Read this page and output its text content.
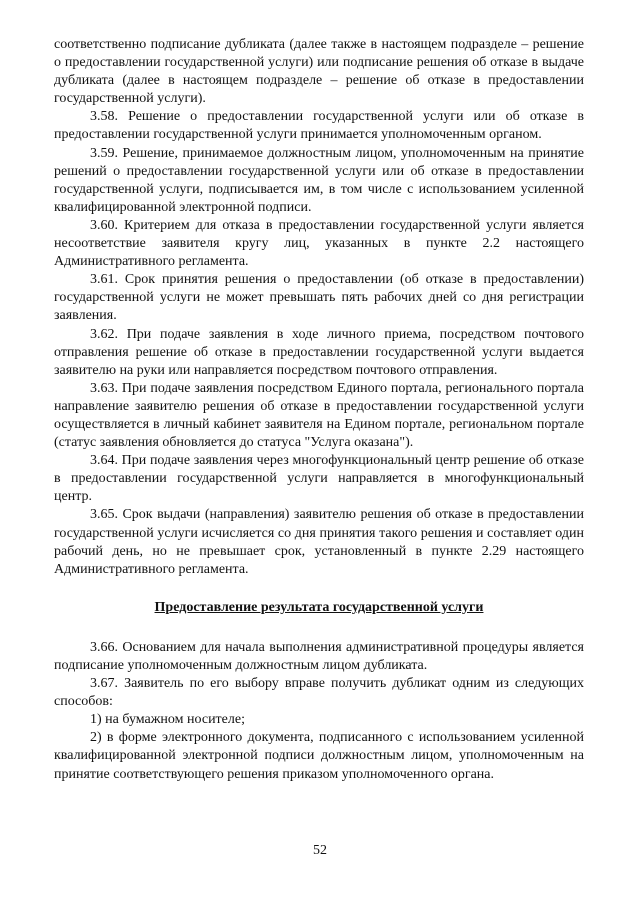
соответственно подписание дубликата (далее также в настоящем подразделе – решение о предоставлении государственной услуги) или подписание решения об отказе в выдаче дубликата (далее в настоящем подразделе – решение об отказе в предоставлении государственной услуги).

3.58. Решение о предоставлении государственной услуги или об отказе в предоставлении государственной услуги принимается уполномоченным органом.

3.59. Решение, принимаемое должностным лицом, уполномоченным на принятие решений о предоставлении государственной услуги или об отказе в предоставлении государственной услуги, подписывается им, в том числе с использованием усиленной квалифицированной электронной подписи.

3.60. Критерием для отказа в предоставлении государственной услуги является несоответствие заявителя кругу лиц, указанных в пункте 2.2 настоящего Административного регламента.

3.61. Срок принятия решения о предоставлении (об отказе в предоставлении) государственной услуги не может превышать пять рабочих дней со дня регистрации заявления.

3.62. При подаче заявления в ходе личного приема, посредством почтового отправления решение об отказе в предоставлении государственной услуги выдается заявителю на руки или направляется посредством почтового отправления.

3.63. При подаче заявления посредством Единого портала, регионального портала направление заявителю решения об отказе в предоставлении государственной услуги осуществляется в личный кабинет заявителя на Едином портале, региональном портале (статус заявления обновляется до статуса "Услуга оказана").

3.64. При подаче заявления через многофункциональный центр решение об отказе в предоставлении государственной услуги направляется в многофункциональный центр.

3.65. Срок выдачи (направления) заявителю решения об отказе в предоставлении государственной услуги исчисляется со дня принятия такого решения и составляет один рабочий день, но не превышает срок, установленный в пункте 2.29 настоящего Административного регламента.

Предоставление результата государственной услуги

3.66. Основанием для начала выполнения административной процедуры является подписание уполномоченным должностным лицом дубликата.

3.67. Заявитель по его выбору вправе получить дубликат одним из следующих способов:

1) на бумажном носителе;

2) в форме электронного документа, подписанного с использованием усиленной квалифицированной электронной подписи должностным лицом, уполномоченным на принятие соответствующего решения приказом уполномоченного органа.

52
